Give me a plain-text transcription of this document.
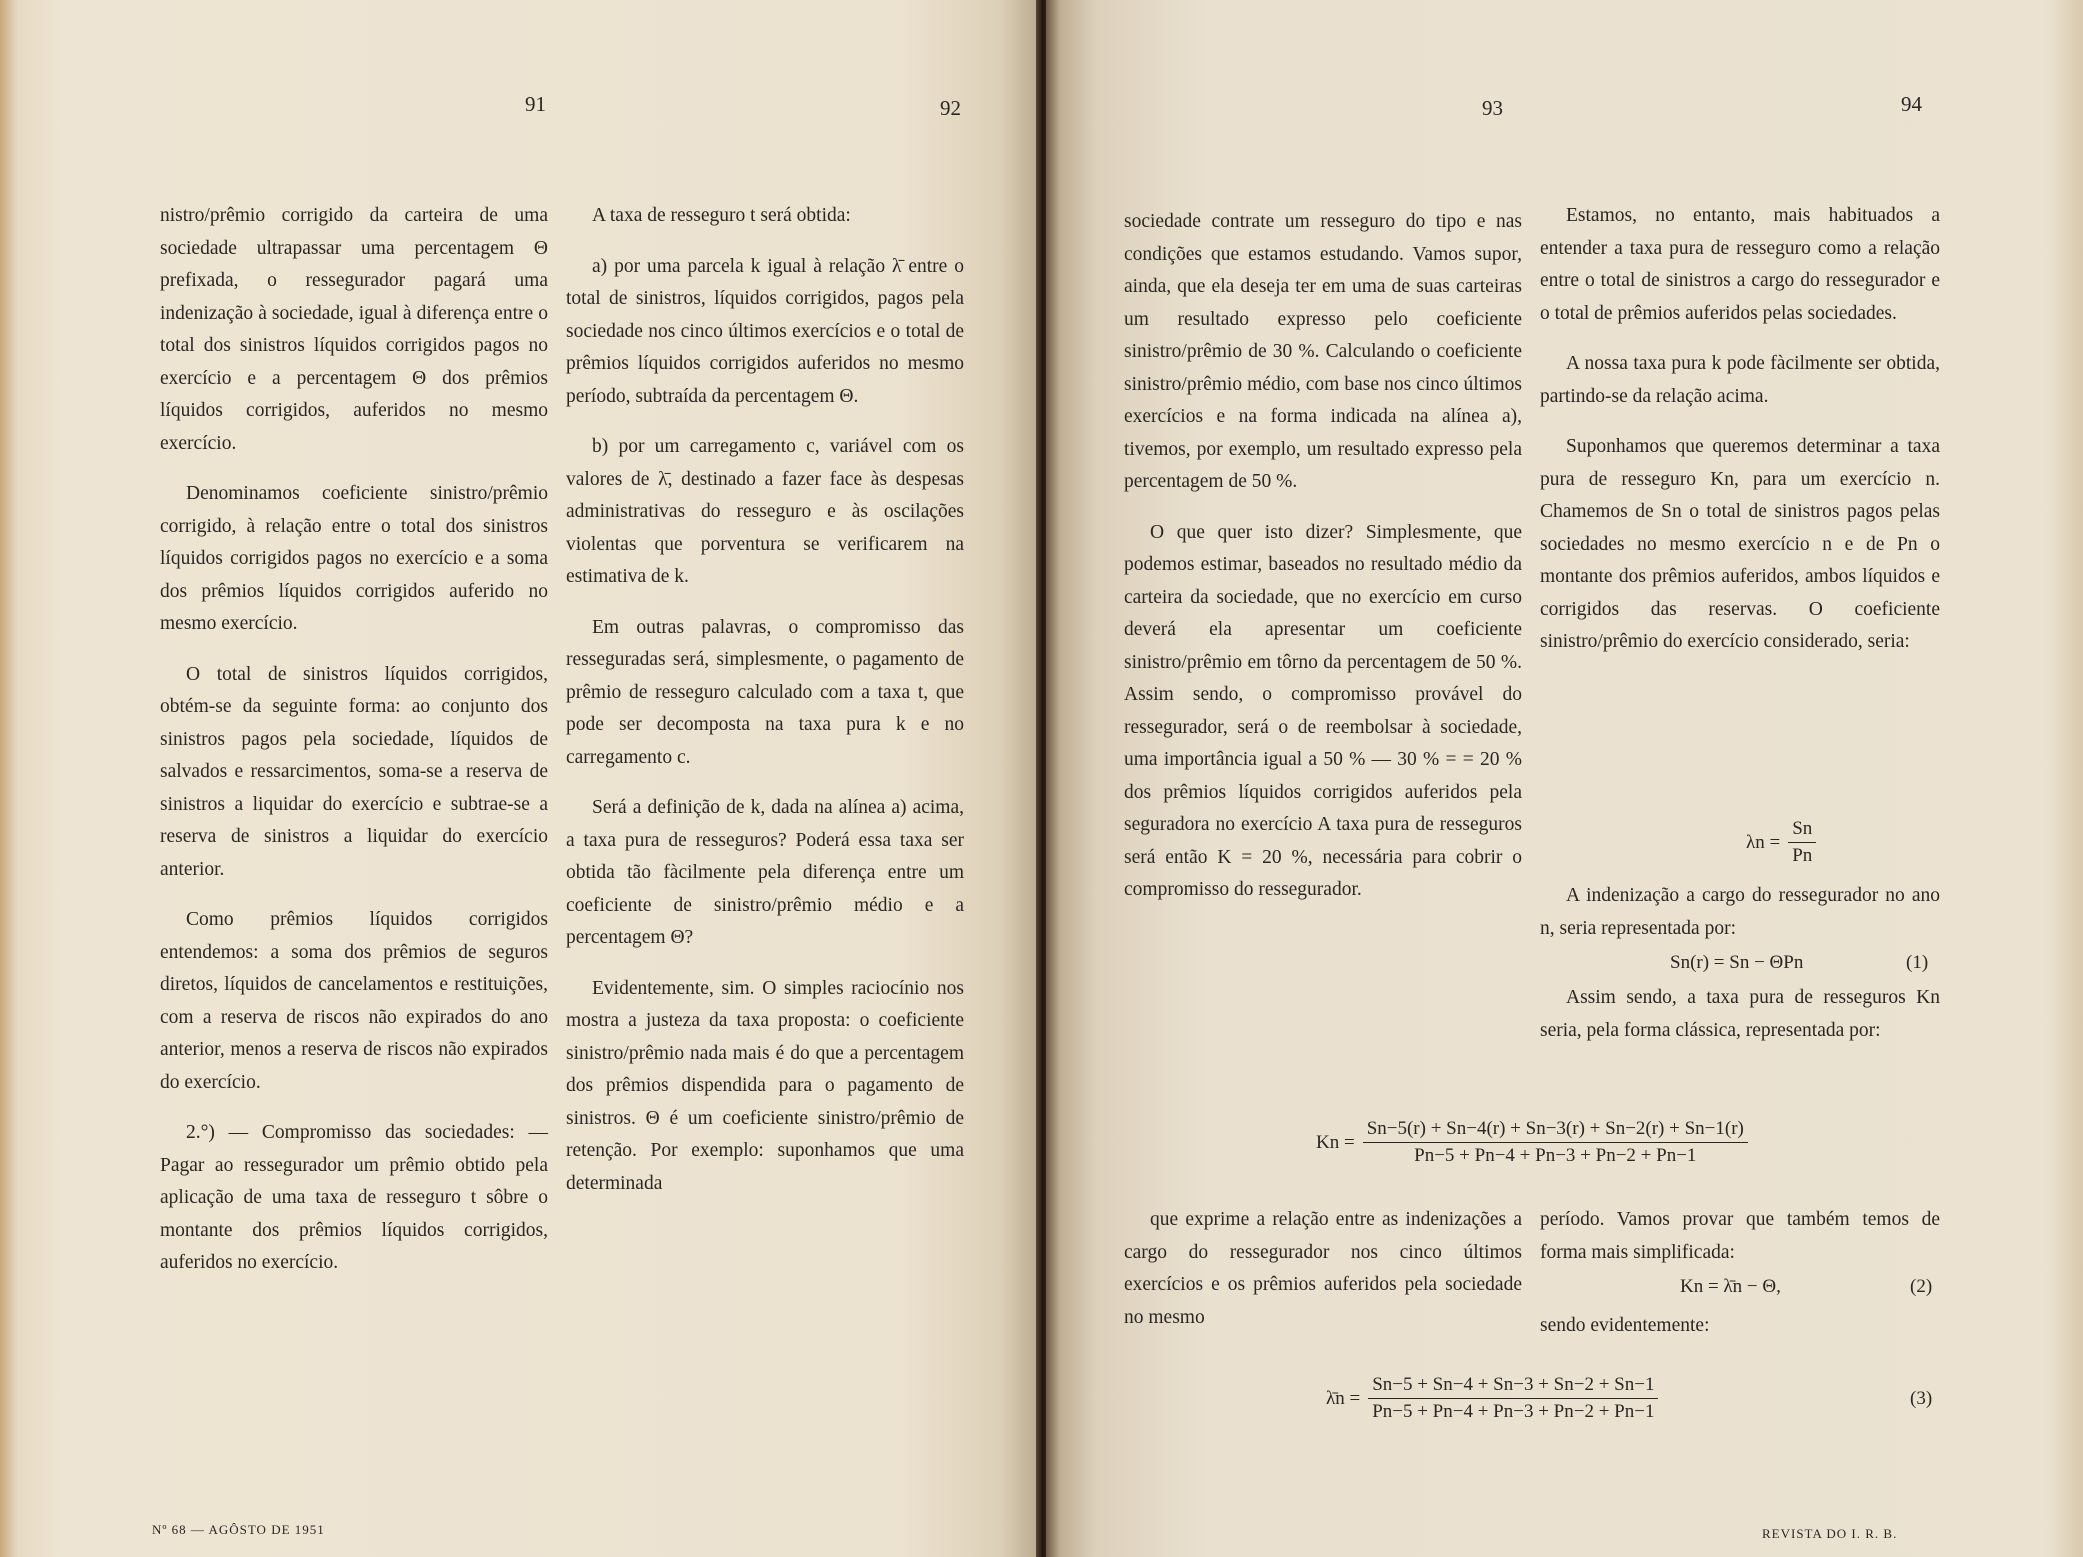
91	92

nistro/prêmio corrigido da carteira de uma sociedade ultrapassar uma percentagem Θ prefixada, o ressegurador pagará uma indenização à sociedade, igual à diferença entre o total dos sinistros líquidos corrigidos pagos no exercício e a percentagem Θ dos prêmios líquidos corrigidos, auferidos no mesmo exercício.

Denominamos coeficiente sinistro/prêmio corrigido, à relação entre o total dos sinistros líquidos corrigidos pagos no exercício e a soma dos prêmios líquidos corrigidos auferido no mesmo exercício.

O total de sinistros líquidos corrigidos, obtém-se da seguinte forma: ao conjunto dos sinistros pagos pela sociedade, líquidos de salvados e ressarcimentos, soma-se a reserva de sinistros a liquidar do exercício e subtrae-se a reserva de sinistros a liquidar do exercício anterior.

Como prêmios líquidos corrigidos entendemos: a soma dos prêmios de seguros diretos, líquidos de cancelamentos e restituições, com a reserva de riscos não expirados do ano anterior, menos a reserva de riscos não expirados do exercício.

2.°) — Compromisso das sociedades: — Pagar ao ressegurador um prêmio obtido pela aplicação de uma taxa de resseguro t sôbre o montante dos prêmios líquidos corrigidos, auferidos no exercício.

A taxa de resseguro t será obtida:

a) por uma parcela k igual à relação λ̄ entre o total de sinistros, líquidos corrigidos, pagos pela sociedade nos cinco últimos exercícios e o total de prêmios líquidos corrigidos auferidos no mesmo período, subtraída da percentagem Θ.

b) por um carregamento c, variável com os valores de λ̄, destinado a fazer face às despesas administrativas do resseguro e às oscilações violentas que porventura se verificarem na estimativa de k.

Em outras palavras, o compromisso das resseguradas será, simplesmente, o pagamento de prêmio de resseguro calculado com a taxa t, que pode ser decomposta na taxa pura k e no carregamento c.

Será a definição de k, dada na alínea a) acima, a taxa pura de resseguros? Poderá essa taxa ser obtida tão fàcilmente pela diferença entre um coeficiente de sinistro/prêmio médio e a percentagem Θ?

Evidentemente, sim. O simples raciocínio nos mostra a justeza da taxa proposta: o coeficiente sinistro/prêmio nada mais é do que a percentagem dos prêmios dispendida para o pagamento de sinistros. Θ é um coeficiente sinistro/prêmio de retenção. Por exemplo: suponhamos que uma determinada

Nº 68 — AGÔSTO DE 1951
93	94

sociedade contrate um resseguro do tipo e nas condições que estamos estudando. Vamos supor, ainda, que ela deseja ter em uma de suas carteiras um resultado expresso pelo coeficiente sinistro/prêmio de 30 %. Calculando o coeficiente sinistro/prêmio médio, com base nos cinco últimos exercícios e na forma indicada na alínea a), tivemos, por exemplo, um resultado expresso pela percentagem de 50 %.

O que quer isto dizer? Simplesmente, que podemos estimar, baseados no resultado médio da carteira da sociedade, que no exercício em curso deverá ela apresentar um coeficiente sinistro/prêmio em tôrno da percentagem de 50 %. Assim sendo, o compromisso provável do ressegurador, será o de reembolsar à sociedade, uma importância igual a 50 % — 30 % = = 20 % dos prêmios líquidos corrigidos auferidos pela seguradora no exercício A taxa pura de resseguros será então K = 20 %, necessária para cobrir o compromisso do ressegurador.

Estamos, no entanto, mais habituados a entender a taxa pura de resseguro como a relação entre o total de sinistros a cargo do ressegurador e o total de prêmios auferidos pelas sociedades.

A nossa taxa pura k pode fàcilmente ser obtida, partindo-se da relação acima.

Suponhamos que queremos determinar a taxa pura de resseguro Kn, para um exercício n. Chamemos de Sn o total de sinistros pagos pelas sociedades no mesmo exercício n e de Pn o montante dos prêmios auferidos, ambos líquidos e corrigidos das reservas. O coeficiente sinistro/prêmio do exercício considerado, seria:

$\lambda n = \frac{Sn}{Pn}$

A indenização a cargo do ressegurador no ano n, seria representada por:

Sn(r) = Sn − ΘPn	(1)

Assim sendo, a taxa pura de resseguros Kn seria, pela forma clássica, representada por:

$Kn = \frac{Sn-5(r) + Sn-4(r) + Sn-3(r) + Sn-2(r) + Sn-1(r)}{Pn-5 + Pn-4 + Pn-3 + Pn-2 + Pn-1}$

que exprime a relação entre as indenizações a cargo do ressegurador nos cinco últimos exercícios e os prêmios auferidos pela sociedade no mesmo

período. Vamos provar que também temos de forma mais simplificada:

Kn = λ̄n − Θ,	(2)

sendo evidentemente:

λ̄n = $\frac{Sn-5 + Sn-4 + Sn-3 + Sn-2 + Sn-1}{Pn-5 + Pn-4 + Pn-3 + Pn-2 + Pn-1}$	(3)
REVISTA DO I. R. B.
